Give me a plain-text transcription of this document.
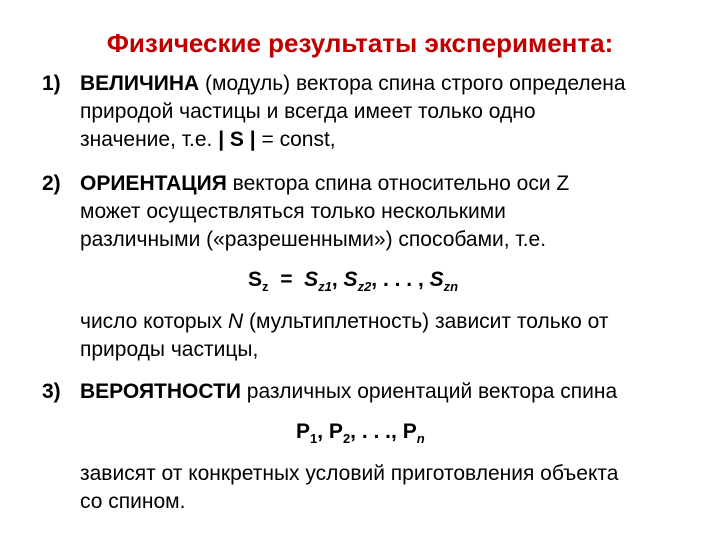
Физические результаты эксперимента:
1) ВЕЛИЧИНА (модуль) вектора спина строго определена
природой частицы и всегда имеет только одно
значение, т.е. | S | = const,
2) ОРИЕНТАЦИЯ вектора спина относительно оси Z
может осуществляться только несколькими
различными («разрешенными») способами, т.е.
$S_z = S_{z1}$, $S_{z2}$, . . . , $S_{zn}$
число которых N (мультиплетность) зависит только от
природы частицы,
3) ВЕРОЯТНОСТИ различных ориентаций вектора спина
$P_1$, $P_2$, . . ., $P_n$
зависят от конкретных условий приготовления объекта
со спином.
